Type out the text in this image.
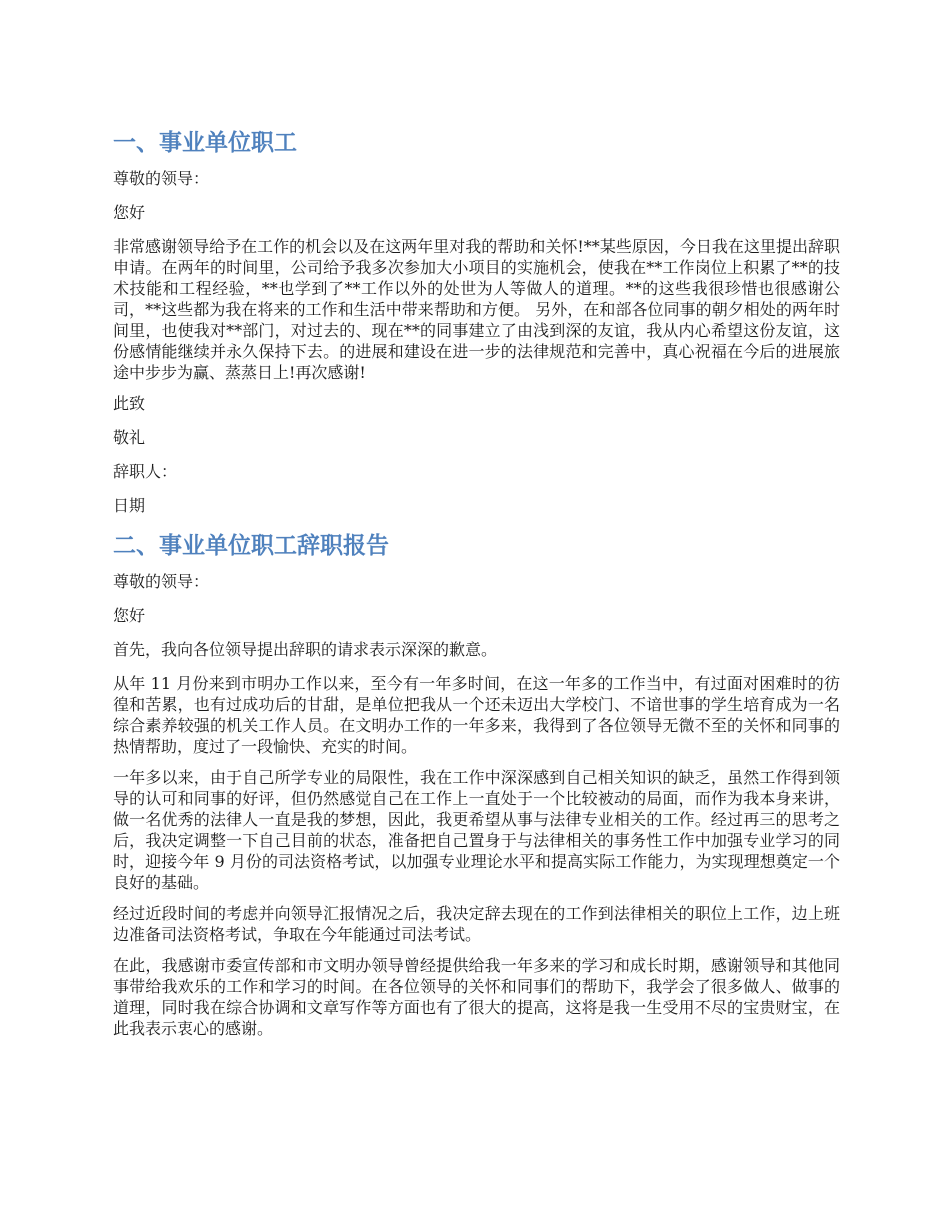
一、事业单位职工

尊敬的领导：

您好

非常感谢领导给予在工作的机会以及在这两年里对我的帮助和关怀!**某些原因，今日我在这里提出辞职申请。在两年的时间里，公司给予我多次参加大小项目的实施机会，使我在**工作岗位上积累了**的技术技能和工程经验，**也学到了**工作以外的处世为人等做人的道理。**的这些我很珍惜也很感谢公司，**这些都为我在将来的工作和生活中带来帮助和方便。 另外，在和部各位同事的朝夕相处的两年时间里，也使我对**部门，对过去的、现在**的同事建立了由浅到深的友谊，我从内心希望这份友谊，这份感情能继续并永久保持下去。的进展和建设在进一步的法律规范和完善中，真心祝福在今后的进展旅途中步步为赢、蒸蒸日上!再次感谢!

此致

敬礼

辞职人：

日期

二、事业单位职工辞职报告

尊敬的领导：

您好

首先，我向各位领导提出辞职的请求表示深深的歉意。

从年 11 月份来到市明办工作以来，至今有一年多时间，在这一年多的工作当中，有过面对困难时的彷徨和苦累，也有过成功后的甘甜，是单位把我从一个还未迈出大学校门、不谙世事的学生培育成为一名综合素养较强的机关工作人员。在文明办工作的一年多来，我得到了各位领导无微不至的关怀和同事的热情帮助，度过了一段愉快、充实的时间。

一年多以来，由于自己所学专业的局限性，我在工作中深深感到自己相关知识的缺乏，虽然工作得到领导的认可和同事的好评，但仍然感觉自己在工作上一直处于一个比较被动的局面，而作为我本身来讲，做一名优秀的法律人一直是我的梦想，因此，我更希望从事与法律专业相关的工作。经过再三的思考之后，我决定调整一下自己目前的状态，准备把自己置身于与法律相关的事务性工作中加强专业学习的同时，迎接今年 9 月份的司法资格考试，以加强专业理论水平和提高实际工作能力，为实现理想奠定一个良好的基础。

经过近段时间的考虑并向领导汇报情况之后，我决定辞去现在的工作到法律相关的职位上工作，边上班边准备司法资格考试，争取在今年能通过司法考试。

在此，我感谢市委宣传部和市文明办领导曾经提供给我一年多来的学习和成长时期，感谢领导和其他同事带给我欢乐的工作和学习的时间。在各位领导的关怀和同事们的帮助下，我学会了很多做人、做事的道理，同时我在综合协调和文章写作等方面也有了很大的提高，这将是我一生受用不尽的宝贵财宝，在此我表示衷心的感谢。
